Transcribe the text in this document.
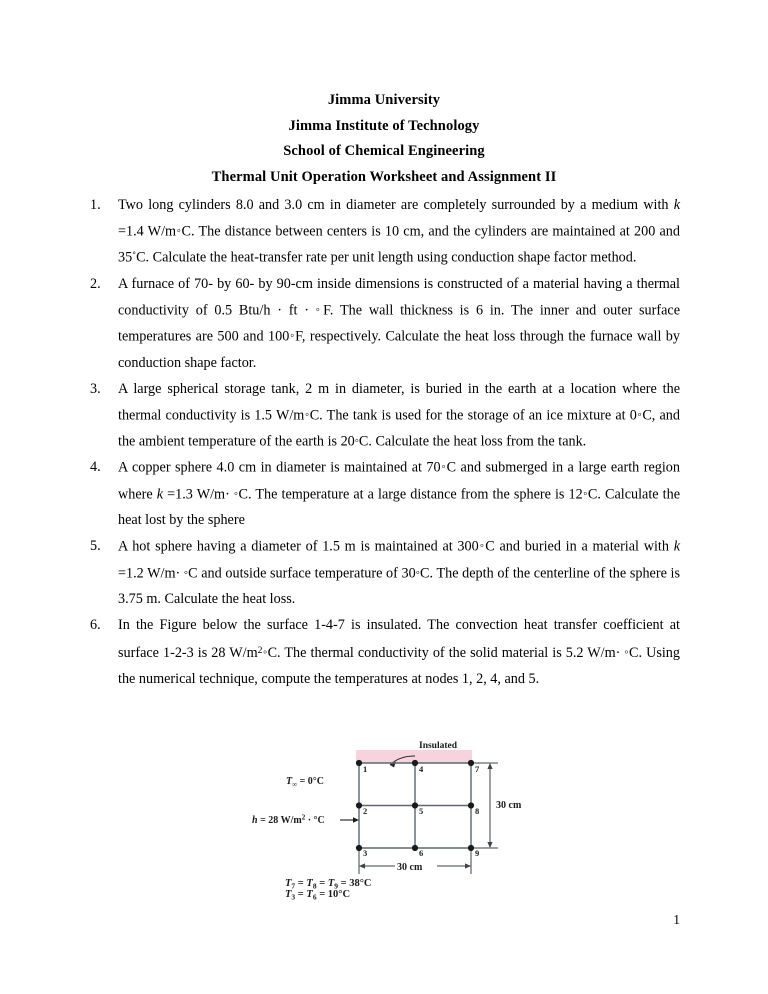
Jimma University
Jimma Institute of Technology
School of Chemical Engineering
Thermal Unit Operation Worksheet and Assignment II
1.	Two long cylinders 8.0 and 3.0 cm in diameter are completely surrounded by a medium with k =1.4 W/m◦C. The distance between centers is 10 cm, and the cylinders are maintained at 200 and 35˚C. Calculate the heat-transfer rate per unit length using conduction shape factor method.
2.	A furnace of 70- by 60- by 90-cm inside dimensions is constructed of a material having a thermal conductivity of 0.5 Btu/h · ft · ◦F. The wall thickness is 6 in. The inner and outer surface temperatures are 500 and 100◦F, respectively. Calculate the heat loss through the furnace wall by conduction shape factor.
3.	A large spherical storage tank, 2 m in diameter, is buried in the earth at a location where the thermal conductivity is 1.5 W/m◦C. The tank is used for the storage of an ice mixture at 0◦C, and the ambient temperature of the earth is 20◦C. Calculate the heat loss from the tank.
4.	A copper sphere 4.0 cm in diameter is maintained at 70◦C and submerged in a large earth region where k =1.3 W/m· ◦C. The temperature at a large distance from the sphere is 12◦C. Calculate the heat lost by the sphere
5.	A hot sphere having a diameter of 1.5 m is maintained at 300◦C and buried in a material with k =1.2 W/m· ◦C and outside surface temperature of 30◦C. The depth of the centerline of the sphere is 3.75 m. Calculate the heat loss.
6.	In the Figure below the surface 1-4-7 is insulated. The convection heat transfer coefficient at surface 1-2-3 is 28 $W/m^2◦C$. The thermal conductivity of the solid material is 5.2 W/m· ◦C. Using the numerical technique, compute the temperatures at nodes 1, 2, 4, and 5.
1	4	7
2	5	8
3	6	9
Insulated
$T_\infty = 0^\circ C$
h = 28 $W/m^2 \cdot ^\circ C$
30 cm
30 cm
$T_7 = T_8 = T_9 = 38^\circ C$
$T_3 = T_6 = 10^\circ C$
1
